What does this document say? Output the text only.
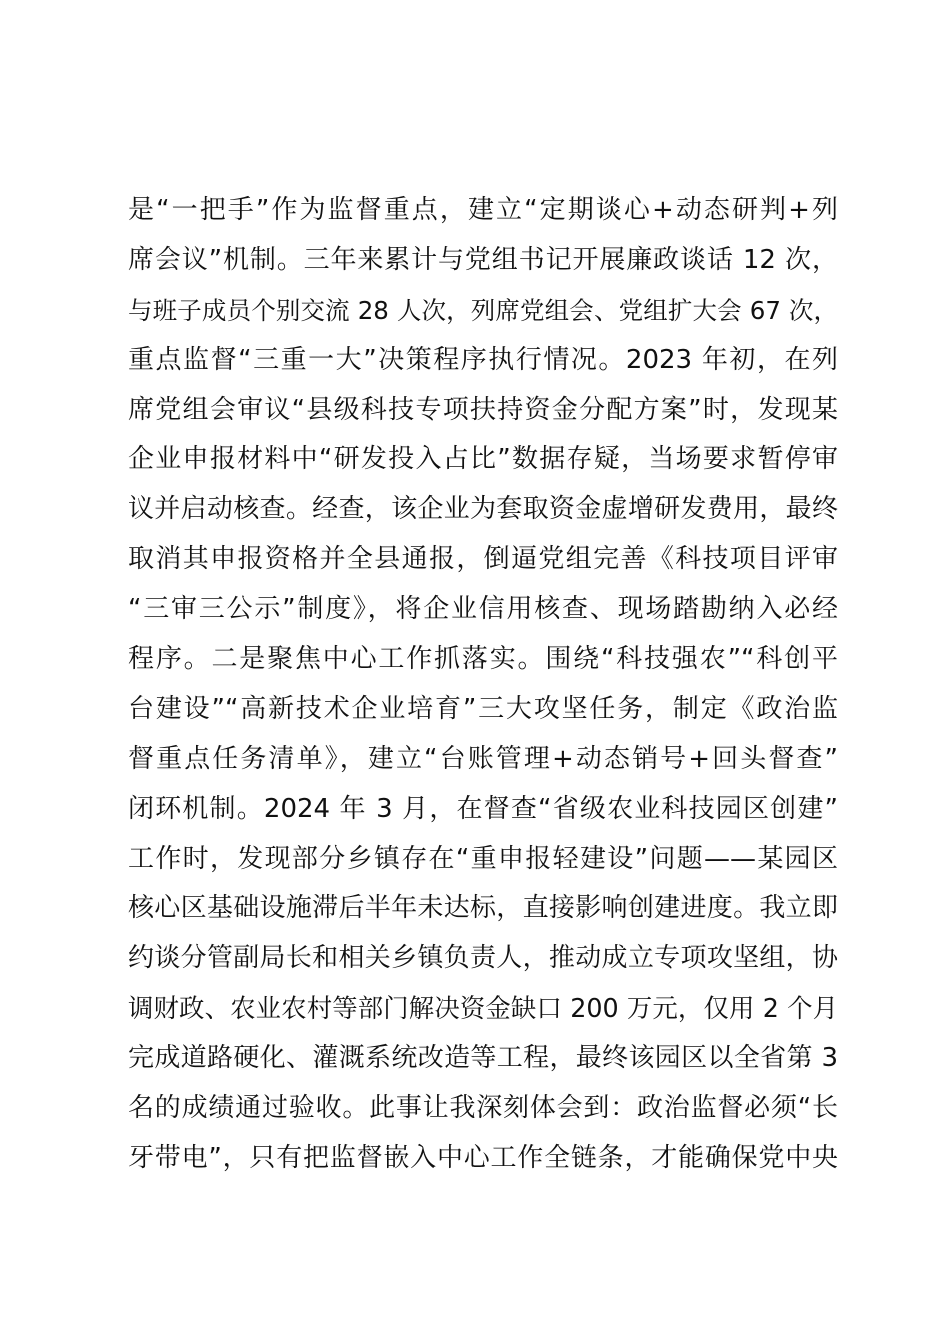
是“一把手”作为监督重点，建立“定期谈心+动态研判+列
席会议”机制。三年来累计与党组书记开展廉政谈话 12 次，
与班子成员个别交流 28 人次，列席党组会、党组扩大会 67 次，
重点监督“三重一大”决策程序执行情况。2023 年初，在列
席党组会审议“县级科技专项扶持资金分配方案”时，发现某
企业申报材料中“研发投入占比”数据存疑，当场要求暂停审
议并启动核查。经查，该企业为套取资金虚增研发费用，最终
取消其申报资格并全县通报，倒逼党组完善《科技项目评审
“三审三公示”制度》，将企业信用核查、现场踏勘纳入必经
程序。二是聚焦中心工作抓落实。围绕“科技强农”“科创平
台建设”“高新技术企业培育”三大攻坚任务，制定《政治监
督重点任务清单》，建立“台账管理+动态销号+回头督查”
闭环机制。2024 年 3 月，在督查“省级农业科技园区创建”
工作时，发现部分乡镇存在“重申报轻建设”问题——某园区
核心区基础设施滞后半年未达标，直接影响创建进度。我立即
约谈分管副局长和相关乡镇负责人，推动成立专项攻坚组，协
调财政、农业农村等部门解决资金缺口 200 万元，仅用 2 个月
完成道路硬化、灌溉系统改造等工程，最终该园区以全省第 3
名的成绩通过验收。此事让我深刻体会到：政治监督必须“长
牙带电”，只有把监督嵌入中心工作全链条，才能确保党中央
